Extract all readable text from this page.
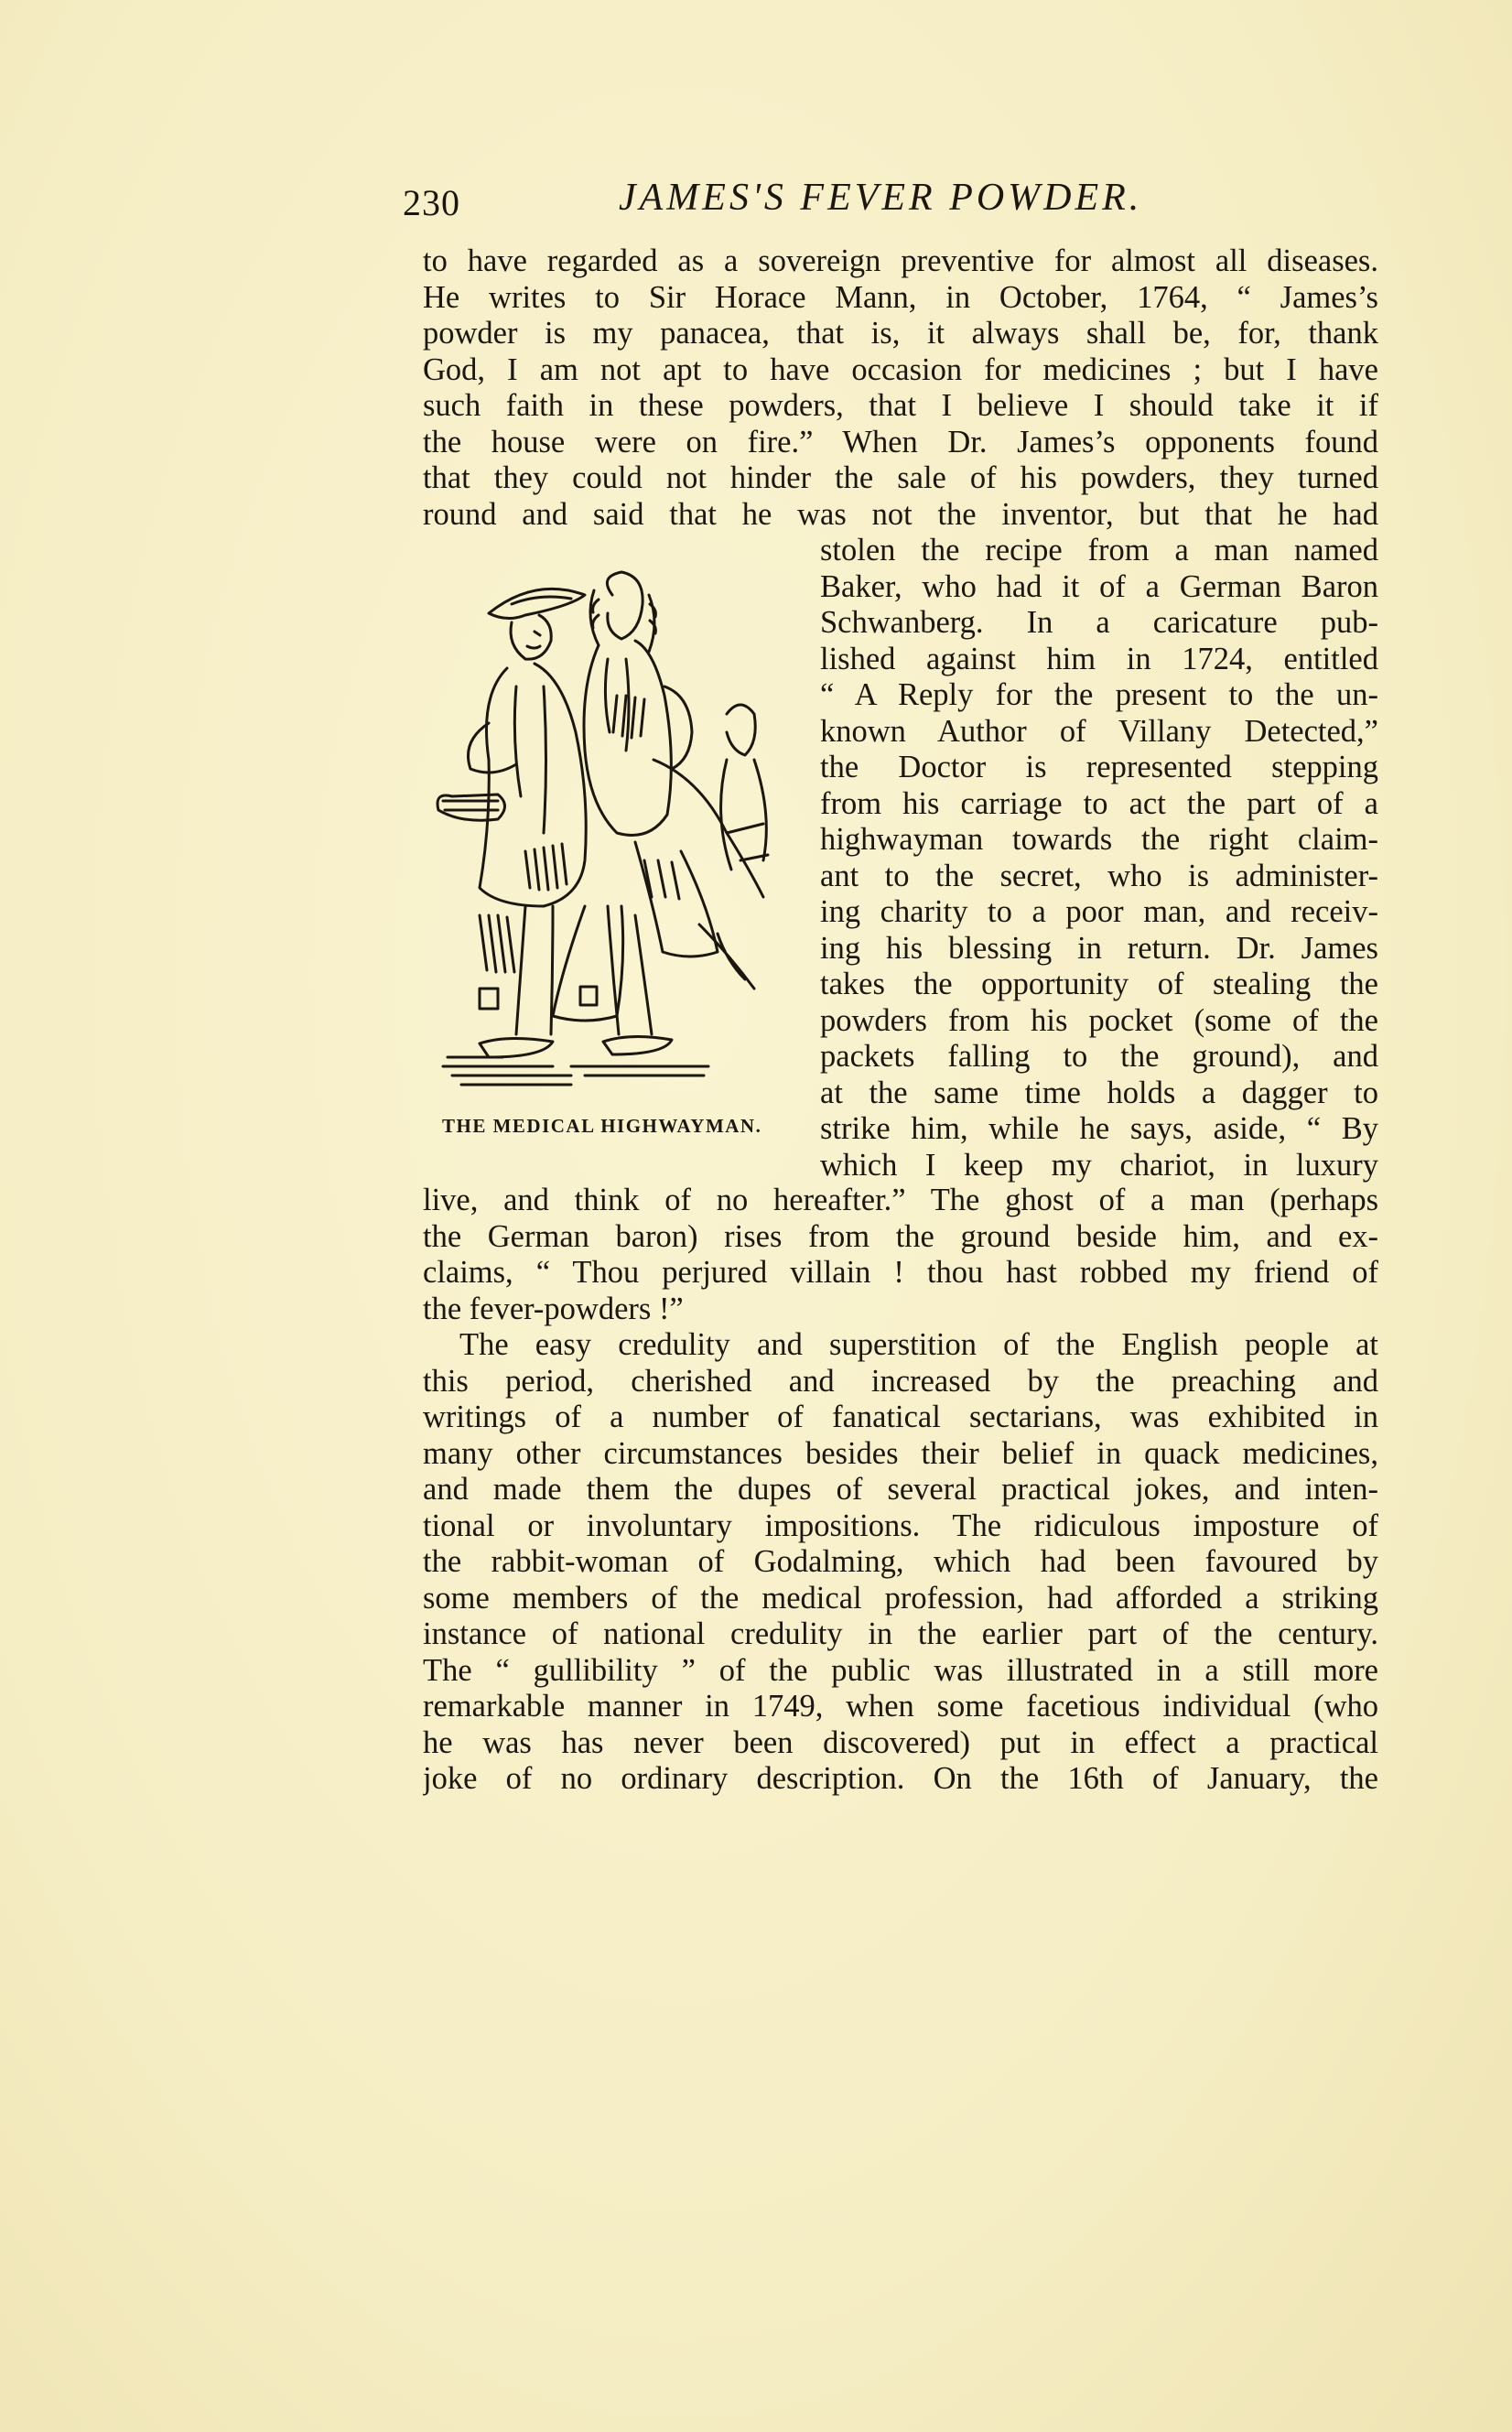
230	JAMES'S FEVER POWDER.
to have regarded as a sovereign preventive for almost all diseases.
He writes to Sir Horace Mann, in October, 1764, “ James’s
powder is my panacea, that is, it always shall be, for, thank
God, I am not apt to have occasion for medicines ; but I have
such faith in these powders, that I believe I should take it if
the house were on fire.” When Dr. James’s opponents found
that they could not hinder the sale of his powders, they turned
round and said that he was not the inventor, but that he had
stolen the recipe from a man named
Baker, who had it of a German Baron
Schwanberg. In a caricature pub-
lished against him in 1724, entitled
“ A Reply for the present to the un-
known Author of Villany Detected,”
the Doctor is represented stepping
from his carriage to act the part of a
highwayman towards the right claim-
ant to the secret, who is administer-
ing charity to a poor man, and receiv-
ing his blessing in return. Dr. James
takes the opportunity of stealing the
powders from his pocket (some of the
packets falling to the ground), and
at the same time holds a dagger to
strike him, while he says, aside, “ By
which I keep my chariot, in luxury
THE MEDICAL HIGHWAYMAN.
live, and think of no hereafter.” The ghost of a man (perhaps
the German baron) rises from the ground beside him, and ex-
claims, “ Thou perjured villain ! thou hast robbed my friend of
the fever-powders !”
The easy credulity and superstition of the English people at
this period, cherished and increased by the preaching and
writings of a number of fanatical sectarians, was exhibited in
many other circumstances besides their belief in quack medicines,
and made them the dupes of several practical jokes, and inten-
tional or involuntary impositions. The ridiculous imposture of
the rabbit-woman of Godalming, which had been favoured by
some members of the medical profession, had afforded a striking
instance of national credulity in the earlier part of the century.
The “ gullibility ” of the public was illustrated in a still more
remarkable manner in 1749, when some facetious individual (who
he was has never been discovered) put in effect a practical
joke of no ordinary description. On the 16th of January, the
